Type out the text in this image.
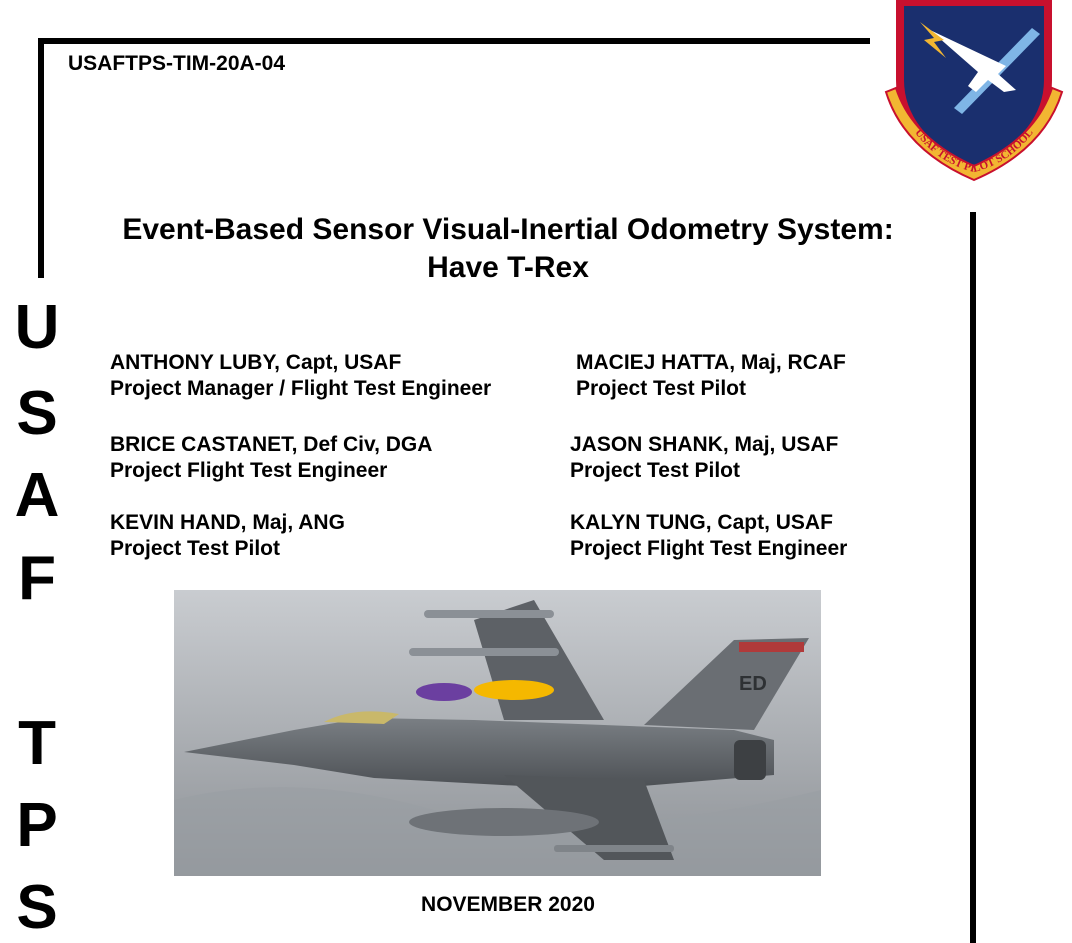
USAFTPS-TIM-20A-04
USAF TEST PILOT SCHOOL
Event-Based Sensor Visual-Inertial Odometry System:
Have T-Rex
U
S
A
F
T
P
S
ANTHONY LUBY, Capt, USAF
Project Manager / Flight Test Engineer
MACIEJ HATTA, Maj, RCAF
Project Test Pilot
BRICE CASTANET, Def Civ, DGA
Project Flight Test Engineer
JASON SHANK, Maj, USAF
Project Test Pilot
KEVIN HAND, Maj, ANG
Project Test Pilot
KALYN TUNG, Capt, USAF
Project Flight Test Engineer
ED
NOVEMBER 2020
